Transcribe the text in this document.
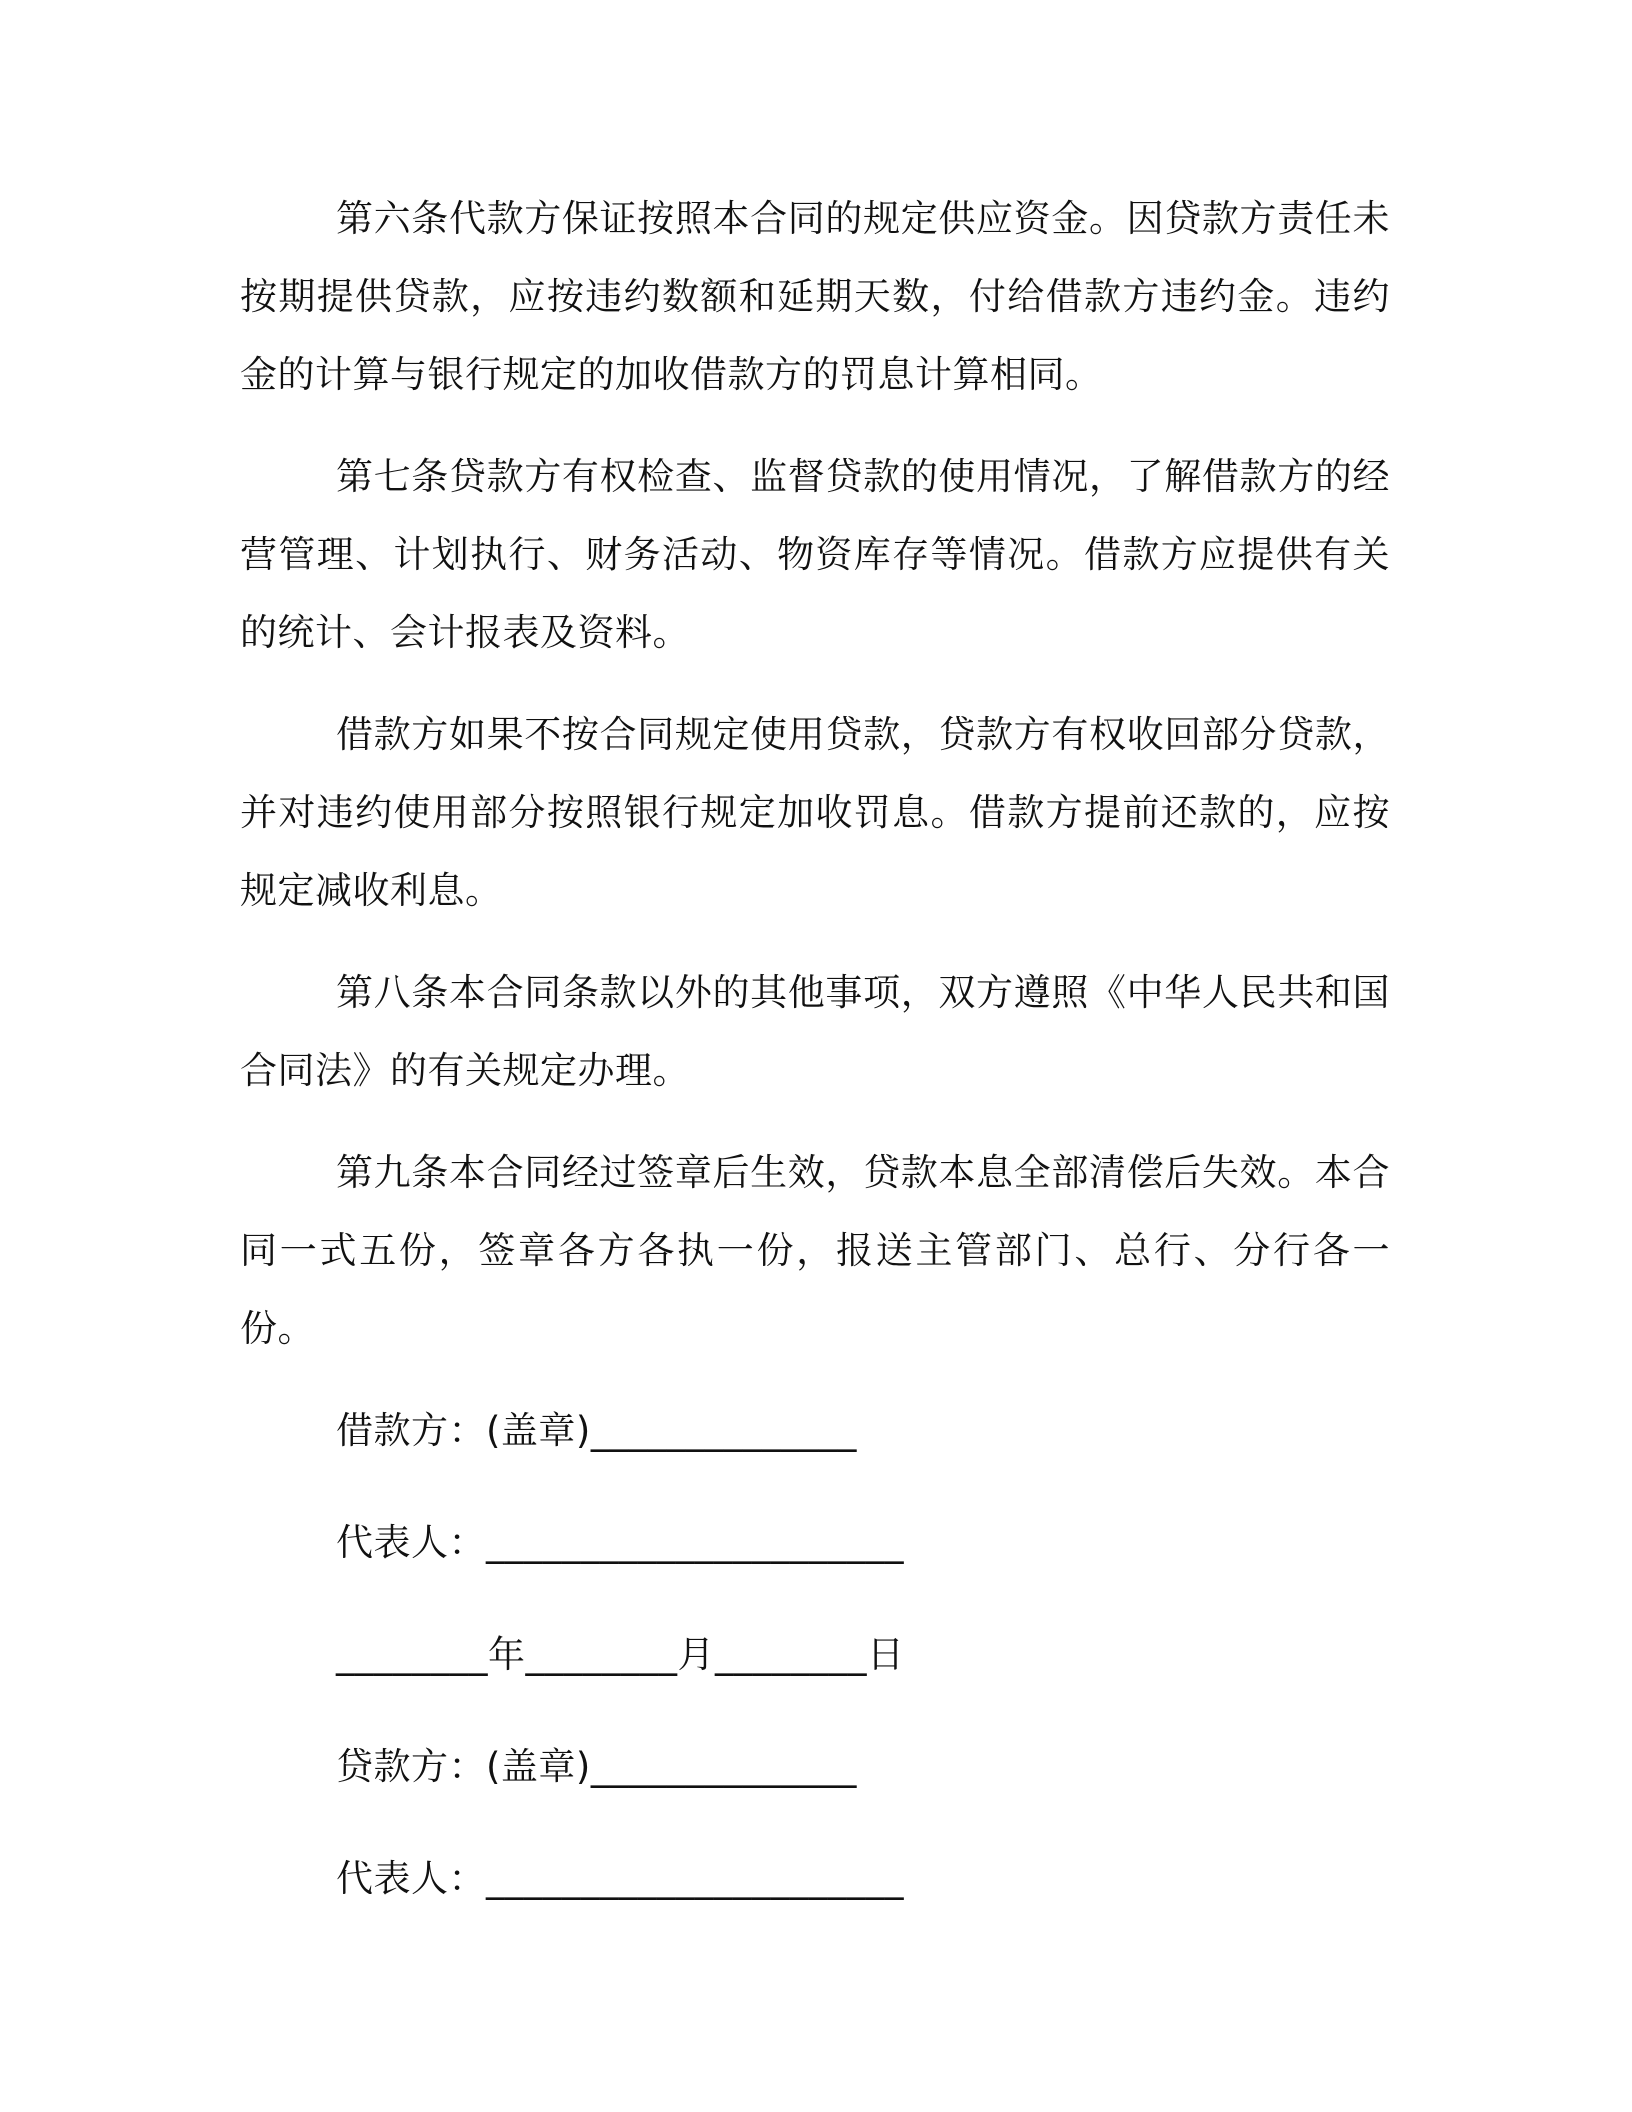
第六条代款方保证按照本合同的规定供应资金。因贷款方责任未按期提供贷款，应按违约数额和延期天数，付给借款方违约金。违约金的计算与银行规定的加收借款方的罚息计算相同。

第七条贷款方有权检查、监督贷款的使用情况，了解借款方的经营管理、计划执行、财务活动、物资库存等情况。借款方应提供有关的统计、会计报表及资料。

借款方如果不按合同规定使用贷款，贷款方有权收回部分贷款，并对违约使用部分按照银行规定加收罚息。借款方提前还款的，应按规定减收利息。

第八条本合同条款以外的其他事项，双方遵照《中华人民共和国合同法》的有关规定办理。

第九条本合同经过签章后生效，贷款本息全部清偿后失效。本合同一式五份，签章各方各执一份，报送主管部门、总行、分行各一份。

借款方：(盖章)______________
代表人：______________________
________年________月________日
贷款方：(盖章)______________
代表人：______________________
